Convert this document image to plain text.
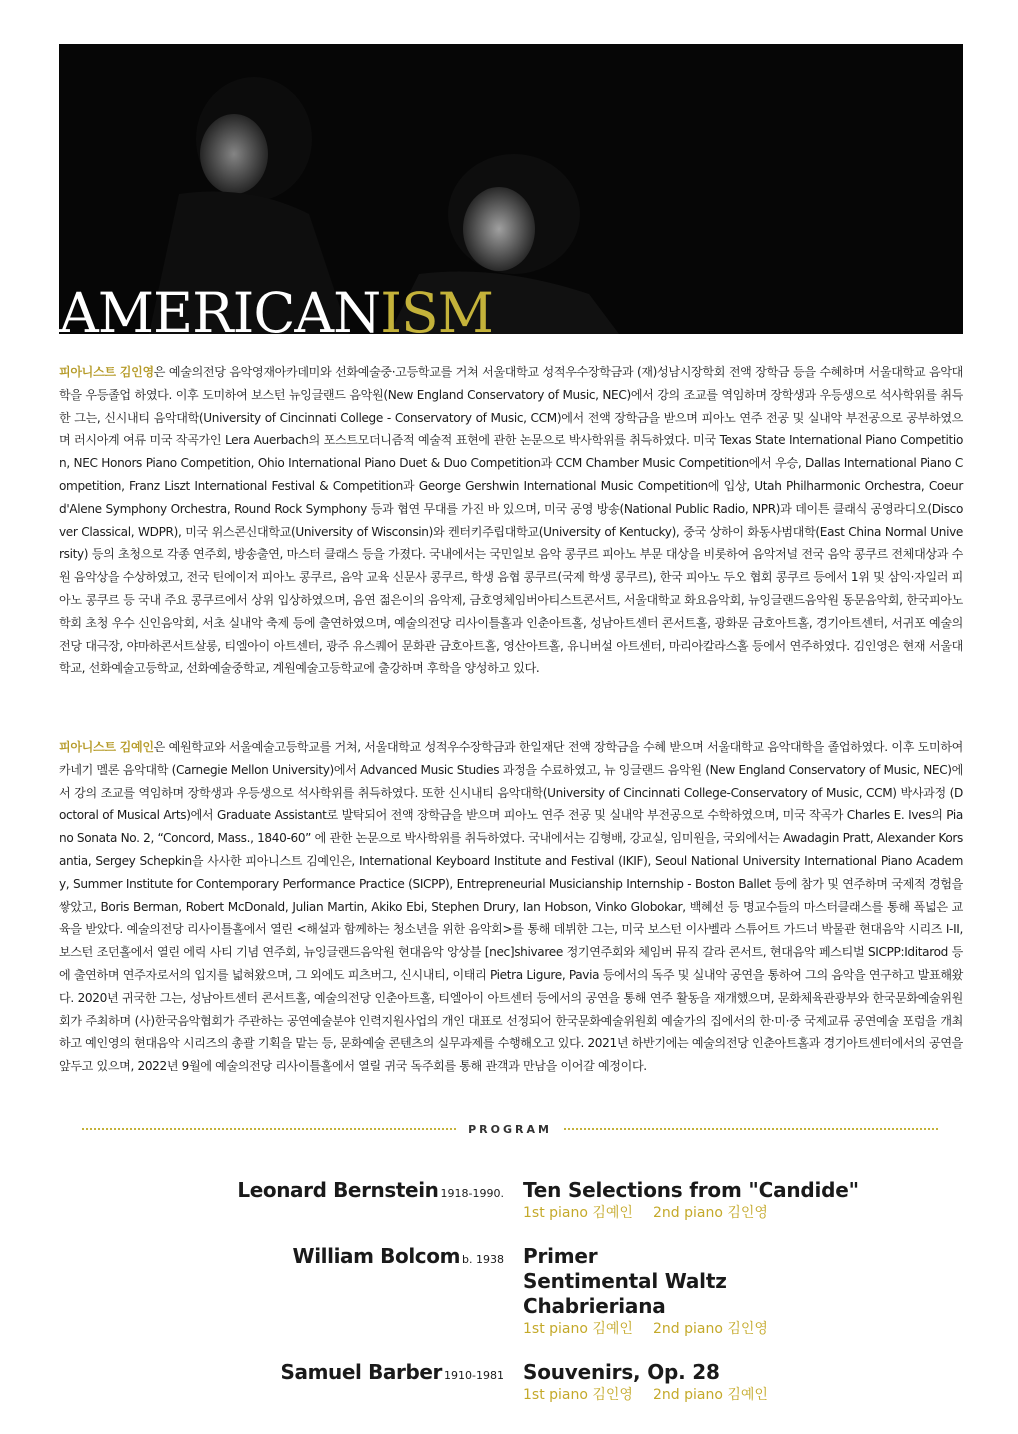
AMERICANISM

피아니스트 김인영은 예술의전당 음악영재아카데미와 선화예술중·고등학교를 거쳐 서울대학교 성적우수장학금과 (재)성남시장학회 전액 장학금 등을 수혜하며 서울대학교 음악대학을 우등졸업 하였다. 이후 도미하여 보스턴 뉴잉글랜드 음악원(New England Conservatory of Music, NEC)에서 강의 조교를 역임하며 장학생과 우등생으로 석사학위를 취득한 그는, 신시내티 음악대학(University of Cincinnati College - Conservatory of Music, CCM)에서 전액 장학금을 받으며 피아노 연주 전공 및 실내악 부전공으로 공부하였으며 러시아계 여류 미국 작곡가인 Lera Auerbach의 포스트모더니즘적 예술적 표현에 관한 논문으로 박사학위를 취득하였다. 미국 Texas State International Piano Competition, NEC Honors Piano Competition, Ohio International Piano Duet & Duo Competition과 CCM Chamber Music Competition에서 우승, Dallas International Piano Competition, Franz Liszt International Festival & Competition과 George Gershwin International Music Competition에 입상, Utah Philharmonic Orchestra, Coeur d'Alene Symphony Orchestra, Round Rock Symphony 등과 협연 무대를 가진 바 있으며, 미국 공영 방송(National Public Radio, NPR)과 데이튼 클래식 공영라디오(Discover Classical, WDPR), 미국 위스콘신대학교(University of Wisconsin)와 켄터키주립대학교(University of Kentucky), 중국 상하이 화동사범대학(East China Normal University) 등의 초청으로 각종 연주회, 방송출연, 마스터 클래스 등을 가졌다. 국내에서는 국민일보 음악 콩쿠르 피아노 부문 대상을 비롯하여 음악저널 전국 음악 콩쿠르 전체대상과 수원 음악상을 수상하였고, 전국 틴에이저 피아노 콩쿠르, 음악 교육 신문사 콩쿠르, 학생 음협 콩쿠르(국제 학생 콩쿠르), 한국 피아노 두오 협회 콩쿠르 등에서 1위 및 삼익·자일러 피아노 콩쿠르 등 국내 주요 콩쿠르에서 상위 입상하였으며, 음연 젊은이의 음악제, 금호영체임버아티스트콘서트, 서울대학교 화요음악회, 뉴잉글랜드음악원 동문음악회, 한국피아노학회 초청 우수 신인음악회, 서초 실내악 축제 등에 출연하였으며, 예술의전당 리사이틀홀과 인춘아트홀, 성남아트센터 콘서트홀, 광화문 금호아트홀, 경기아트센터, 서귀포 예술의전당 대극장, 야마하콘서트살롱, 티엘아이 아트센터, 광주 유스퀘어 문화관 금호아트홀, 영산아트홀, 유니버설 아트센터, 마리아칼라스홀 등에서 연주하였다. 김인영은 현재 서울대학교, 선화예술고등학교, 선화예술중학교, 계원예술고등학교에 출강하며 후학을 양성하고 있다.

피아니스트 김예인은 예원학교와 서울예술고등학교를 거쳐, 서울대학교 성적우수장학금과 한일재단 전액 장학금을 수혜 받으며 서울대학교 음악대학을 졸업하였다. 이후 도미하여 카네기 멜론 음악대학 (Carnegie Mellon University)에서 Advanced Music Studies 과정을 수료하였고, 뉴 잉글랜드 음악원 (New England Conservatory of Music, NEC)에서 강의 조교를 역임하며 장학생과 우등생으로 석사학위를 취득하였다. 또한 신시내티 음악대학(University of Cincinnati College-Conservatory of Music, CCM) 박사과정 (Doctoral of Musical Arts)에서 Graduate Assistant로 발탁되어 전액 장학금을 받으며 피아노 연주 전공 및 실내악 부전공으로 수학하였으며, 미국 작곡가 Charles E. Ives의 Piano Sonata No. 2, “Concord, Mass., 1840-60” 에 관한 논문으로 박사학위를 취득하였다. 국내에서는 김형배, 강교실, 임미원을, 국외에서는 Awadagin Pratt, Alexander Korsantia, Sergey Schepkin을 사사한 피아니스트 김예인은, International Keyboard Institute and Festival (IKIF), Seoul National University International Piano Academy, Summer Institute for Contemporary Performance Practice (SICPP), Entrepreneurial Musicianship Internship - Boston Ballet 등에 참가 및 연주하며 국제적 경험을 쌓았고, Boris Berman, Robert McDonald, Julian Martin, Akiko Ebi, Stephen Drury, Ian Hobson, Vinko Globokar, 백혜선 등 명교수들의 마스터클래스를 통해 폭넓은 교육을 받았다. 예술의전당 리사이틀홀에서 열린 <해설과 함께하는 청소년을 위한 음악회>를 통해 데뷔한 그는, 미국 보스턴 이사벨라 스튜어트 가드너 박물관 현대음악 시리즈 I-II, 보스턴 조던홀에서 열린 에릭 사티 기념 연주회, 뉴잉글랜드음악원 현대음악 앙상블 [nec]shivaree 정기연주회와 체임버 뮤직 갈라 콘서트, 현대음악 페스티벌 SICPP:Iditarod 등에 출연하며 연주자로서의 입지를 넓혀왔으며, 그 외에도 피츠버그, 신시내티, 이태리 Pietra Ligure, Pavia 등에서의 독주 및 실내악 공연을 통하여 그의 음악을 연구하고 발표해왔다. 2020년 귀국한 그는, 성남아트센터 콘서트홀, 예술의전당 인춘아트홀, 티엘아이 아트센터 등에서의 공연을 통해 연주 활동을 재개했으며, 문화체육관광부와 한국문화예술위원회가 주최하며 (사)한국음악협회가 주관하는 공연예술분야 인력지원사업의 개인 대표로 선정되어 한국문화예술위원회 예술가의 집에서의 한·미·중 국제교류 공연예술 포럼을 개최하고 예인영의 현대음악 시리즈의 총괄 기획을 맡는 등, 문화예술 콘텐츠의 실무과제를 수행해오고 있다. 2021년 하반기에는 예술의전당 인춘아트홀과 경기아트센터에서의 공연을 앞두고 있으며, 2022년 9월에 예술의전당 리사이틀홀에서 열릴 귀국 독주회를 통해 관객과 만남을 이어갈 예정이다.

PROGRAM
Leonard Bernstein 1918-1990. Ten Selections from "Candide"
1st piano 김예인 2nd piano 김인영
William Bolcom b. 1938 Primer
Sentimental Waltz
Chabrieriana
1st piano 김예인 2nd piano 김인영
Samuel Barber 1910-1981 Souvenirs, Op. 28
1st piano 김인영 2nd piano 김예인
